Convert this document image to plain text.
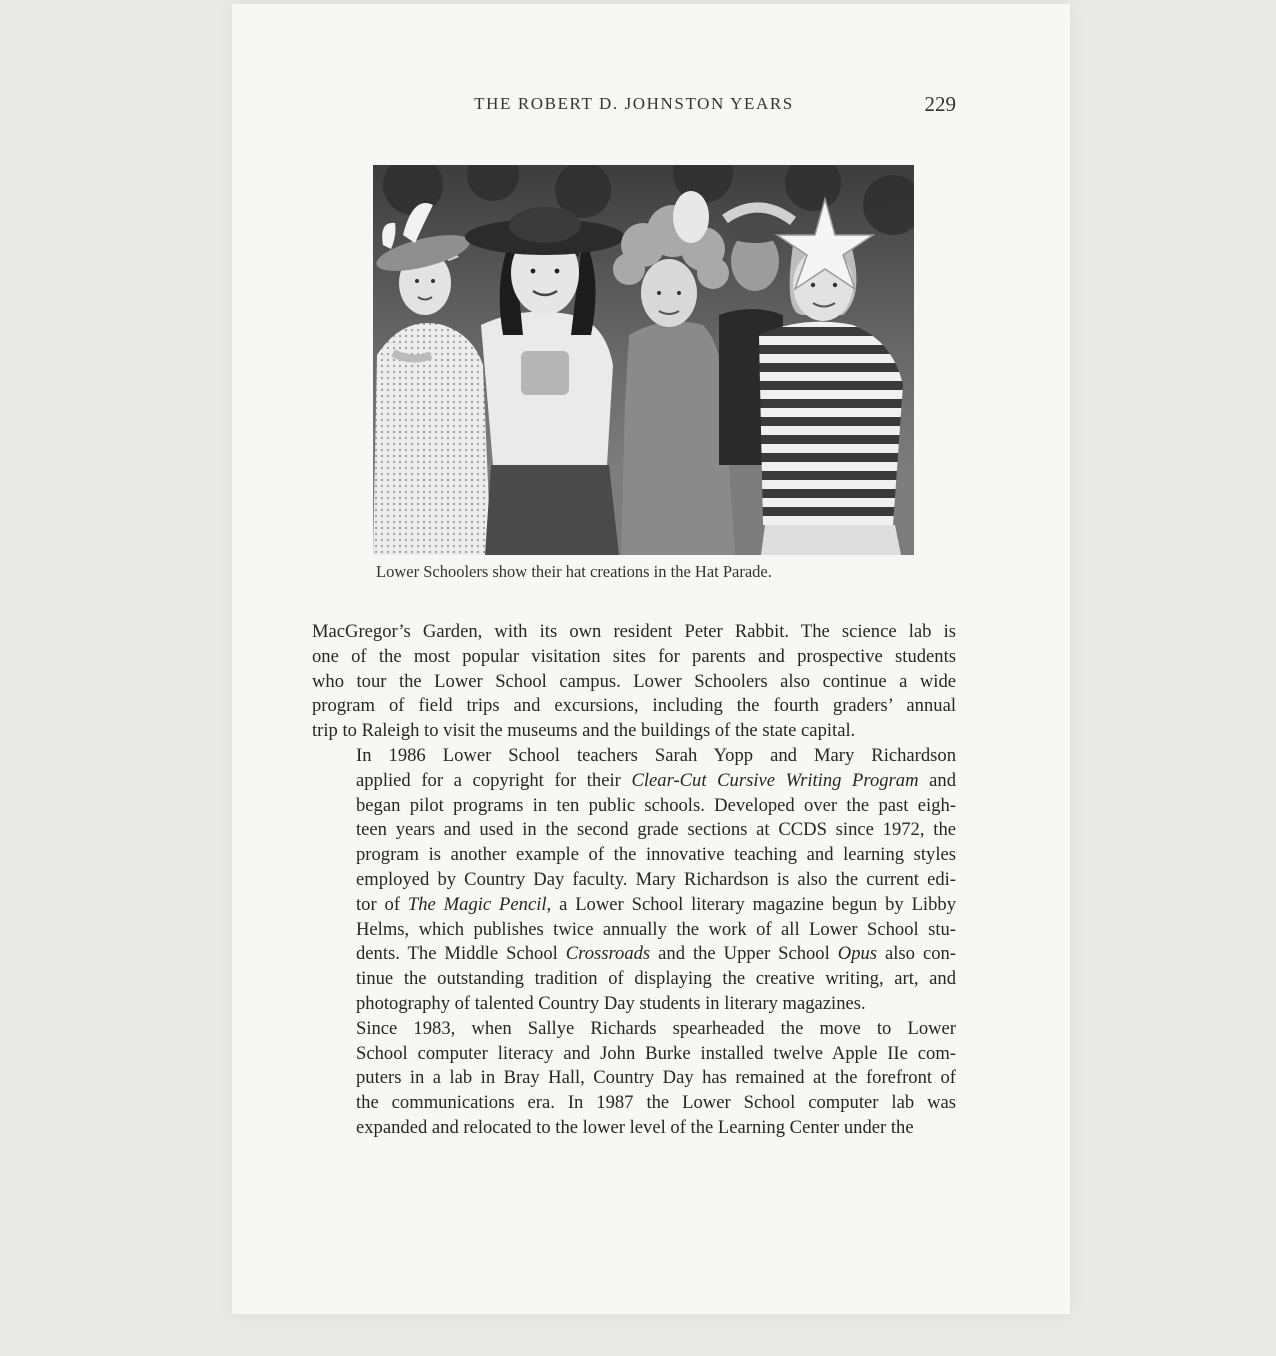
THE ROBERT D. JOHNSTON YEARS	229
Lower Schoolers show their hat creations in the Hat Parade.

MacGregor’s Garden, with its own resident Peter Rabbit. The science lab is
one of the most popular visitation sites for parents and prospective students
who tour the Lower School campus. Lower Schoolers also continue a wide
program of field trips and excursions, including the fourth graders’ annual
trip to Raleigh to visit the museums and the buildings of the state capital.

In 1986 Lower School teachers Sarah Yopp and Mary Richardson
applied for a copyright for their Clear-Cut Cursive Writing Program and
began pilot programs in ten public schools. Developed over the past eigh-
teen years and used in the second grade sections at CCDS since 1972, the
program is another example of the innovative teaching and learning styles
employed by Country Day faculty. Mary Richardson is also the current edi-
tor of The Magic Pencil, a Lower School literary magazine begun by Libby
Helms, which publishes twice annually the work of all Lower School stu-
dents. The Middle School Crossroads and the Upper School Opus also con-
tinue the outstanding tradition of displaying the creative writing, art, and
photography of talented Country Day students in literary magazines.

Since 1983, when Sallye Richards spearheaded the move to Lower
School computer literacy and John Burke installed twelve Apple IIe com-
puters in a lab in Bray Hall, Country Day has remained at the forefront of
the communications era. In 1987 the Lower School computer lab was
expanded and relocated to the lower level of the Learning Center under the
